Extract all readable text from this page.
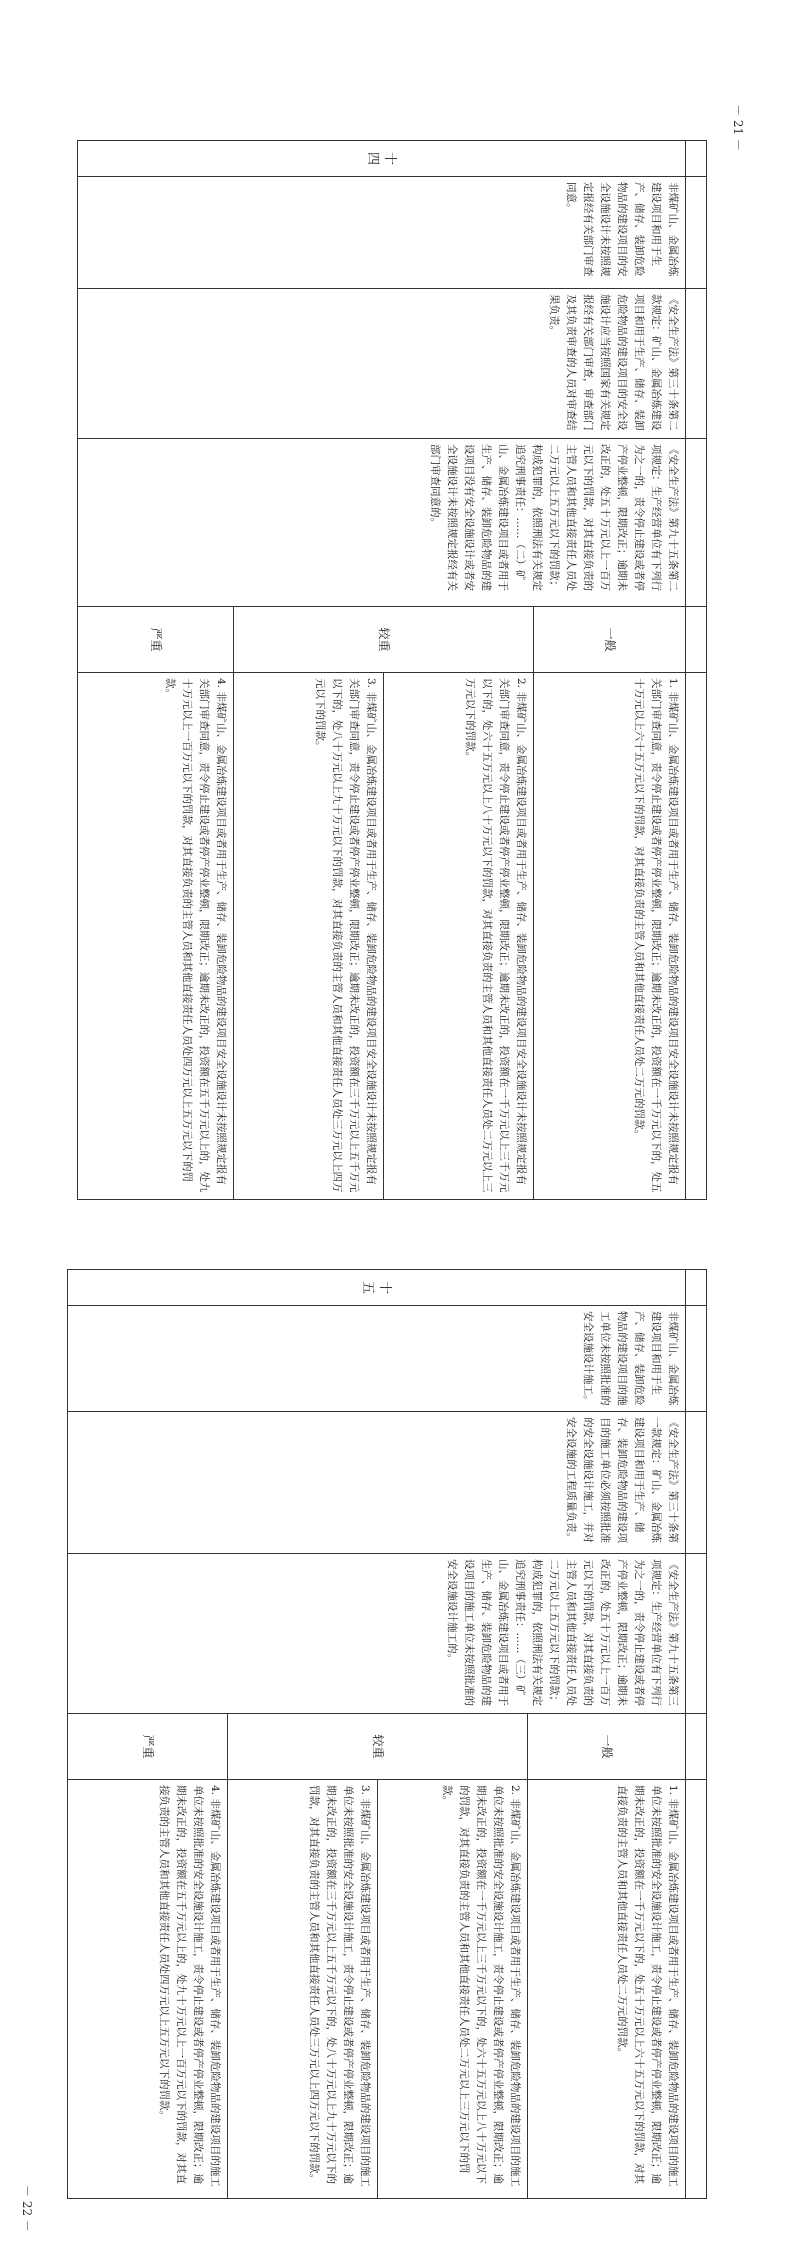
－ 21 －

十四	非煤矿山、金属冶炼建设项目和用于生产、储存、装卸危险物品的建设项目的安全设施设计未按照规定报经有关部门审查同意。	《安全生产法》第三十条第二款规定：矿山、金属冶炼建设项目和用于生产、储存、装卸危险物品的建设项目的安全设施设计应当按照国家有关规定报经有关部门审查，审查部门及其负责审查的人员对审查结果负责。	《安全生产法》第九十五条第二项规定：生产经营单位有下列行为之一的，责令停止建设或者停产停业整顿，限期改正；逾期未改正的，处五十万元以上一百万元以下的罚款，对其直接负责的主管人员和其他直接责任人员处二万元以上五万元以下的罚款；构成犯罪的，依照刑法有关规定追究刑事责任：……（二）矿山、金属冶炼建设项目或者用于生产、储存、装卸危险物品的建设项目没有安全设施设计或者安全设施设计未按照规定报经有关部门审查同意的。	一般	1. 非煤矿山、金属冶炼建设项目或者用于生产、储存、装卸危险物品的建设项目安全设施设计未按照规定报有关部门审查同意，责令停止建设或者停产停业整顿，限期改正；逾期未改正的，投资额在一千万元以下的，处五十万元以上六十五万元以下的罚款，对其直接负责的主管人员和其他直接责任人员处二万元的罚款。
				较重	2. 非煤矿山、金属冶炼建设项目或者用于生产、储存、装卸危险物品的建设项目安全设施设计未按照规定报有关部门审查同意，责令停止建设或者停产停业整顿，限期改正；逾期未改正的，投资额在一千万元以上三千万元以下的，处六十五万元以上八十万元以下的罚款，对其直接负责的主管人员和其他直接责任人员处二万元以上三万元以下的罚款。
					3. 非煤矿山、金属冶炼建设项目或者用于生产、储存、装卸危险物品的建设项目安全设施设计未按照规定报有关部门审查同意，责令停止建设或者停产停业整顿，限期改正；逾期未改正的，投资额在三千万元以上五千万元以下的，处八十万元以上九十万元以下的罚款，对其直接负责的主管人员和其他直接责任人员处三万元以上四万元以下的罚款。
				严重	4. 非煤矿山、金属冶炼建设项目或者用于生产、储存、装卸危险物品的建设项目安全设施设计未按照规定报有关部门审查同意，责令停止建设或者停产停业整顿，限期改正；逾期未改正的，投资额在五千万元以上的，处九十万元以上一百万元以下的罚款，对其直接负责的主管人员和其他直接责任人员处四万元以上五万元以下的罚款。

十五	非煤矿山、金属冶炼建设项目和用于生产、储存、装卸危险物品的建设项目的施工单位未按照批准的安全设施设计施工。	《安全生产法》第三十条第一款规定：矿山、金属冶炼建设项目和用于生产、储存、装卸危险物品的建设项目的施工单位必须按照批准的安全设施设计施工，并对安全设施的工程质量负责。	《安全生产法》第九十五条第三项规定：生产经营单位有下列行为之一的，责令停止建设或者停产停业整顿，限期改正；逾期未改正的，处五十万元以上一百万元以下的罚款，对其直接负责的主管人员和其他直接责任人员处二万元以上五万元以下的罚款；构成犯罪的，依照刑法有关规定追究刑事责任：……（三）矿山、金属冶炼建设项目或者用于生产、储存、装卸危险物品的建设项目的施工单位未按照批准的安全设施设计施工的。	一般	1. 非煤矿山、金属冶炼建设项目或者用于生产、储存、装卸危险物品的建设项目的施工单位未按照批准的安全设施设计施工，责令停止建设或者停产停业整顿，限期改正；逾期未改正的，投资额在一千万元以下的，处五十万元以上六十五万元以下的罚款，对其直接负责的主管人员和其他直接责任人员处二万元的罚款。
				较重	2. 非煤矿山、金属冶炼建设项目或者用于生产、储存、装卸危险物品的建设项目的施工单位未按照批准的安全设施设计施工，责令停止建设或者停产停业整顿，限期改正；逾期未改正的，投资额在一千万元以上三千万元以下的，处六十五万元以上八十万元以下的罚款，对其直接负责的主管人员和其他直接责任人员处二万元以上三万元以下的罚款。
					3. 非煤矿山、金属冶炼建设项目或者用于生产、储存、装卸危险物品的建设项目的施工单位未按照批准的安全设施设计施工，责令停止建设或者停产停业整顿，限期改正；逾期未改正的，投资额在三千万元以上五千万元以下的，处八十万元以上九十万元以下的罚款，对其直接负责的主管人员和其他直接责任人员处三万元以上四万元以下的罚款。
				严重	4. 非煤矿山、金属冶炼建设项目或者用于生产、储存、装卸危险物品的建设项目的施工单位未按照批准的安全设施设计施工，责令停止建设或者停产停业整顿，限期改正；逾期未改正的，投资额在五千万元以上的，处九十万元以上一百万元以下的罚款，对其直接负责的主管人员和其他直接责任人员处四万元以上五万元以下的罚款。
－ 22 －
